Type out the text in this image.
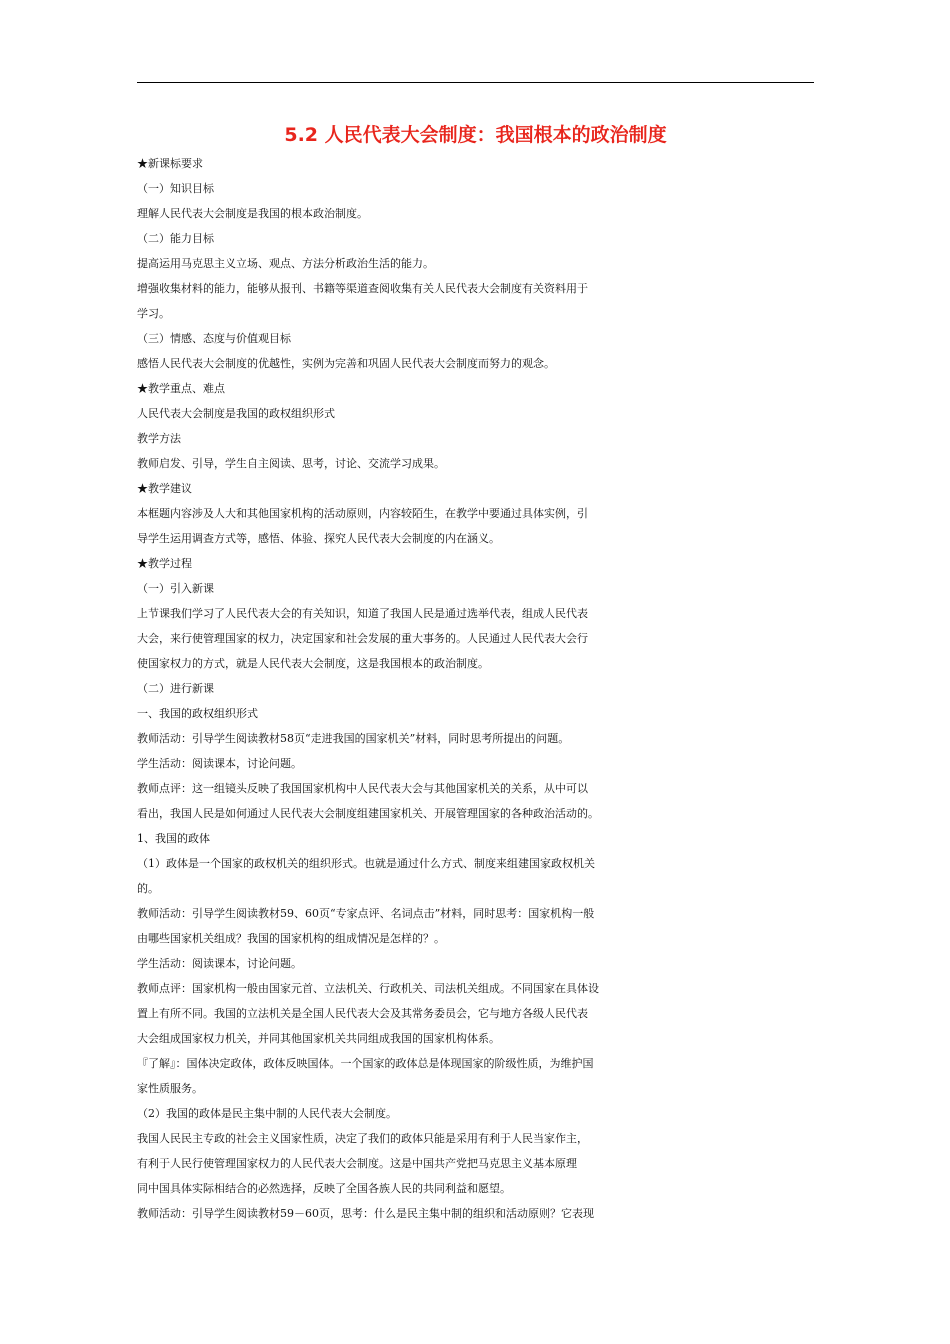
5.2 人民代表大会制度：我国根本的政治制度

★新课标要求

（一）知识目标

理解人民代表大会制度是我国的根本政治制度。

（二）能力目标

提高运用马克思主义立场、观点、方法分析政治生活的能力。

增强收集材料的能力，能够从报刊、书籍等渠道查阅收集有关人民代表大会制度有关资料用于

学习。

（三）情感、态度与价值观目标

感悟人民代表大会制度的优越性，实例为完善和巩固人民代表大会制度而努力的观念。

★教学重点、难点

人民代表大会制度是我国的政权组织形式

教学方法

教师启发、引导，学生自主阅读、思考，讨论、交流学习成果。

★教学建议

本框题内容涉及人大和其他国家机构的活动原则，内容较陌生，在教学中要通过具体实例，引

导学生运用调查方式等，感悟、体验、探究人民代表大会制度的内在涵义。

★教学过程

（一）引入新课

上节课我们学习了人民代表大会的有关知识，知道了我国人民是通过选举代表，组成人民代表

大会，来行使管理国家的权力，决定国家和社会发展的重大事务的。人民通过人民代表大会行

使国家权力的方式，就是人民代表大会制度，这是我国根本的政治制度。

（二）进行新课

一、我国的政权组织形式

教师活动：引导学生阅读教材58页“走进我国的国家机关”材料，同时思考所提出的问题。

学生活动：阅读课本，讨论问题。

教师点评：这一组镜头反映了我国国家机构中人民代表大会与其他国家机关的关系，从中可以

看出，我国人民是如何通过人民代表大会制度组建国家机关、开展管理国家的各种政治活动的。

1、我国的政体

（1）政体是一个国家的政权机关的组织形式。也就是通过什么方式、制度来组建国家政权机关

的。

教师活动：引导学生阅读教材59、60页“专家点评、名词点击”材料，同时思考：国家机构一般

由哪些国家机关组成？我国的国家机构的组成情况是怎样的？。

学生活动：阅读课本，讨论问题。

教师点评：国家机构一般由国家元首、立法机关、行政机关、司法机关组成。不同国家在具体设

置上有所不同。我国的立法机关是全国人民代表大会及其常务委员会，它与地方各级人民代表

大会组成国家权力机关，并同其他国家机关共同组成我国的国家机构体系。

『了解』：国体决定政体，政体反映国体。一个国家的政体总是体现国家的阶级性质，为维护国

家性质服务。

（2）我国的政体是民主集中制的人民代表大会制度。

我国人民民主专政的社会主义国家性质，决定了我们的政体只能是采用有利于人民当家作主，

有利于人民行使管理国家权力的人民代表大会制度。这是中国共产党把马克思主义基本原理

同中国具体实际相结合的必然选择，反映了全国各族人民的共同利益和愿望。

教师活动：引导学生阅读教材59－60页，思考：什么是民主集中制的组织和活动原则？它表现
